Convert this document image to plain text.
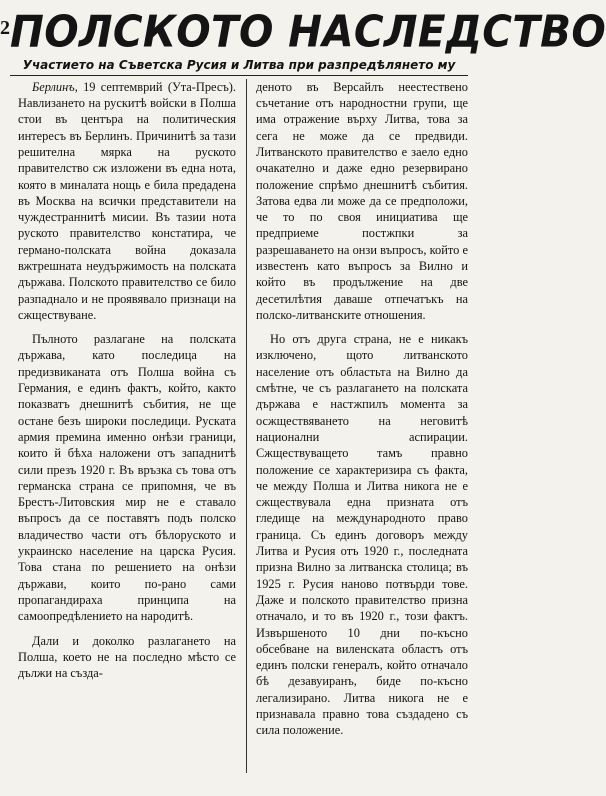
2 ПОЛСКОТО НАСЛЕДСТВО
Участието на Съветска Русия и Литва при разпредѣлянето му

Берлинъ, 19 септемврий (Ута-Пресъ). Навлизането на рускитѣ войски в Полша стои въ центъра на политическия интересъ въ Берлинъ. Причинитѣ за тази решителна мярка на руското правителство сж изложени въ една нота, която в миналата нощь е била предадена въ Москва на всички представители на чуждестраннитѣ мисии. Въ тазии нота руското правителство констатира, че германо-полската война доказала вжтрешната неудържимость на полската държава. Полското правителство се било разпаднало и не проявявало признаци на сжществуване.

Пълното разлагане на полската държава, като последица на предизвиканата отъ Полша война съ Германия, е единъ фактъ, който, както показватъ днешнитѣ събития, не ще остане безъ широки последици. Руската армия премина именно онѣзи граници, които й бѣха наложени отъ западнитѣ сили презъ 1920 г. Въ връзка съ това отъ германска страна се припомня, че въ Брестъ-Литовския мир не е ставало въпросъ да се поставятъ подъ полско владичество части отъ бѣлоруското и украинско население на царска Русия. Това стана по решението на онѣзи държави, които по-рано сами пропагандираха принципа на самоопредѣлението на народитѣ.

Дали и доколко разлагането на Полша, което не на последно мѣсто се дължи на създа-

деното въ Версайлъ неестествено съчетание отъ народностни групи, ще има отражение върху Литва, това за сега не може да се предвиди. Литванското правителство е заело едно очакателно и даже едно резервирано положение спрѣмо днешнитѣ събития. Затова едва ли може да се предположи, че то по своя инициатива ще предприеме постжпки за разрешаването на онзи въпросъ, който е известенъ като въпросъ за Вилно и който въ продължение на две десетилѣтия даваше отпечатъкъ на полско-литванските отношения.

Но отъ друга страна, не е никакъ изключено, щото литванското население отъ областьта на Вилно да смѣтне, че съ разлагането на полската държава е настжпилъ момента за осжществяването на неговитѣ национални аспирации. Сжществуващето тамъ правно положение се характеризира съ факта, че между Полша и Литва никога не е сжществувала една призната отъ гледище на международното право граница. Съ единъ договоръ между Литва и Русия отъ 1920 г., последната призна Вилно за литванска столица; въ 1925 г. Русия наново потвърди тове. Даже и полското правителство призна отначало, и то въ 1920 г., този фактъ. Извършеното 10 дни по-късно обсебване на виленската областъ отъ единъ полски генералъ, който отначало бѣ дезавуиранъ, биде по-късно легализирано. Литва никога не е признавала правно това създадено съ сила положение.
